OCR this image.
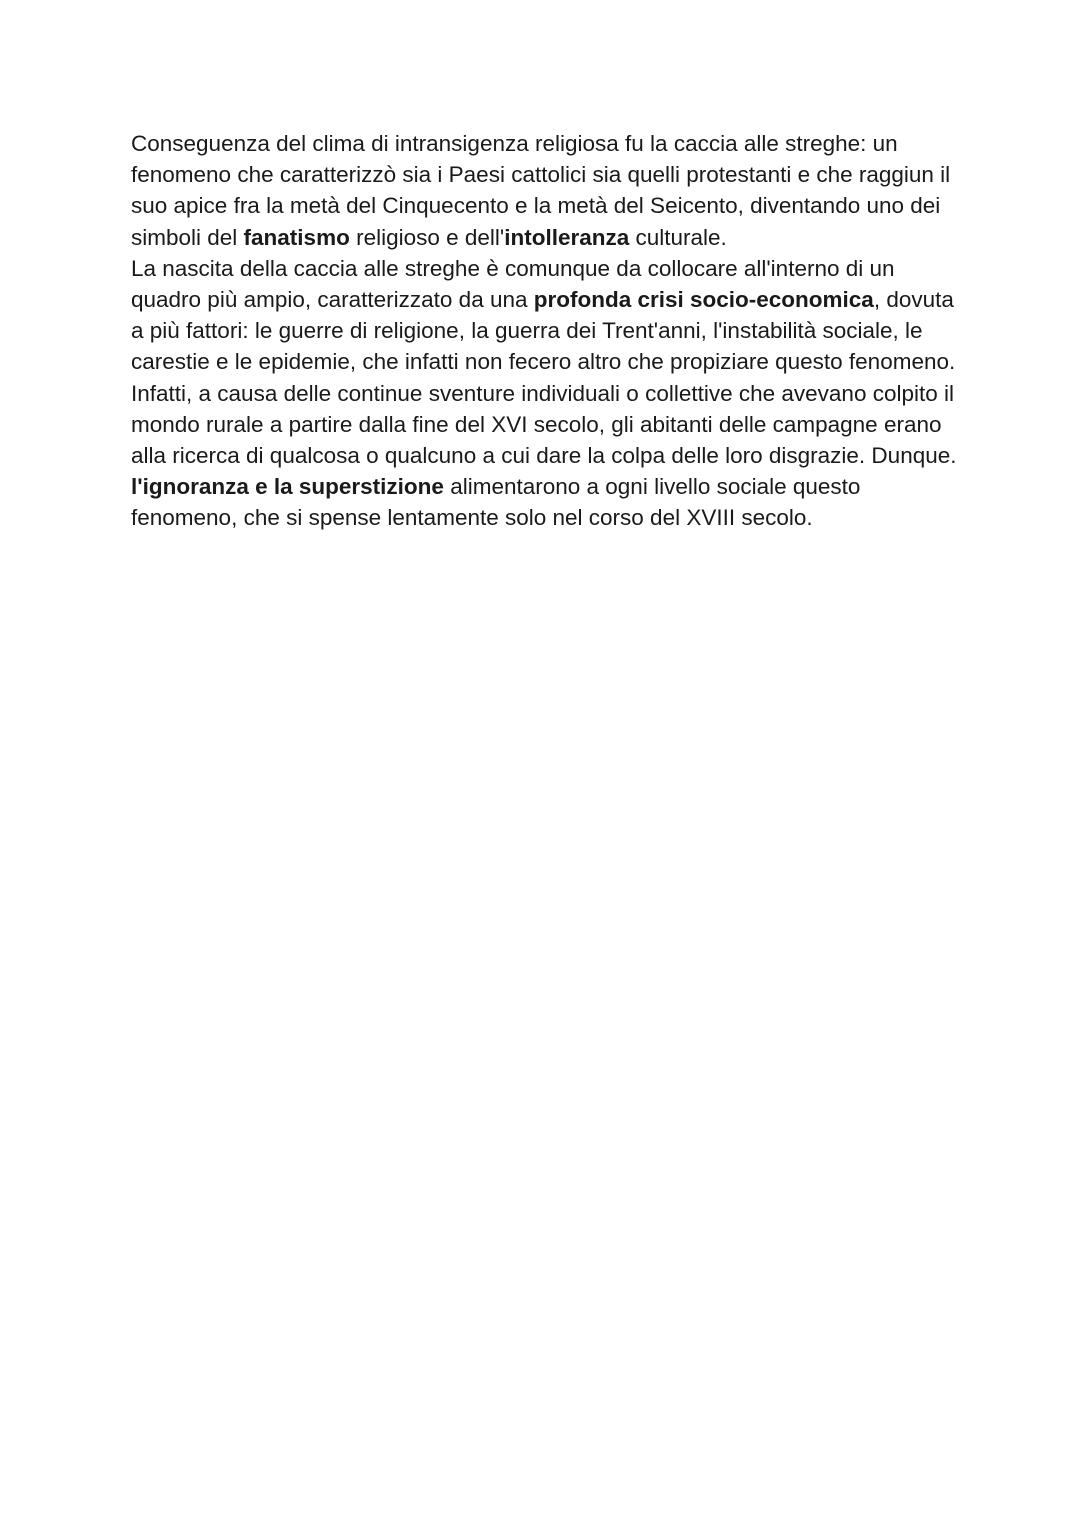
Conseguenza del clima di intransigenza religiosa fu la caccia alle streghe: un fenomeno che caratterizzò sia i Paesi cattolici sia quelli protestanti e che raggiun il suo apice fra la metà del Cinquecento e la metà del Seicento, diventando uno dei simboli del fanatismo religioso e dell'intolleranza culturale.

La nascita della caccia alle streghe è comunque da collocare all'interno di un quadro più ampio, caratterizzato da una profonda crisi socio-economica, dovuta a più fattori: le guerre di religione, la guerra dei Trent'anni, l'instabilità sociale, le carestie e le epidemie, che infatti non fecero altro che propiziare questo fenomeno. Infatti, a causa delle continue sventure individuali o collettive che avevano colpito il mondo rurale a partire dalla fine del XVI secolo, gli abitanti delle campagne erano alla ricerca di qualcosa o qualcuno a cui dare la colpa delle loro disgrazie. Dunque. l'ignoranza e la superstizione alimentarono a ogni livello sociale questo fenomeno, che si spense lentamente solo nel corso del XVIII secolo.
